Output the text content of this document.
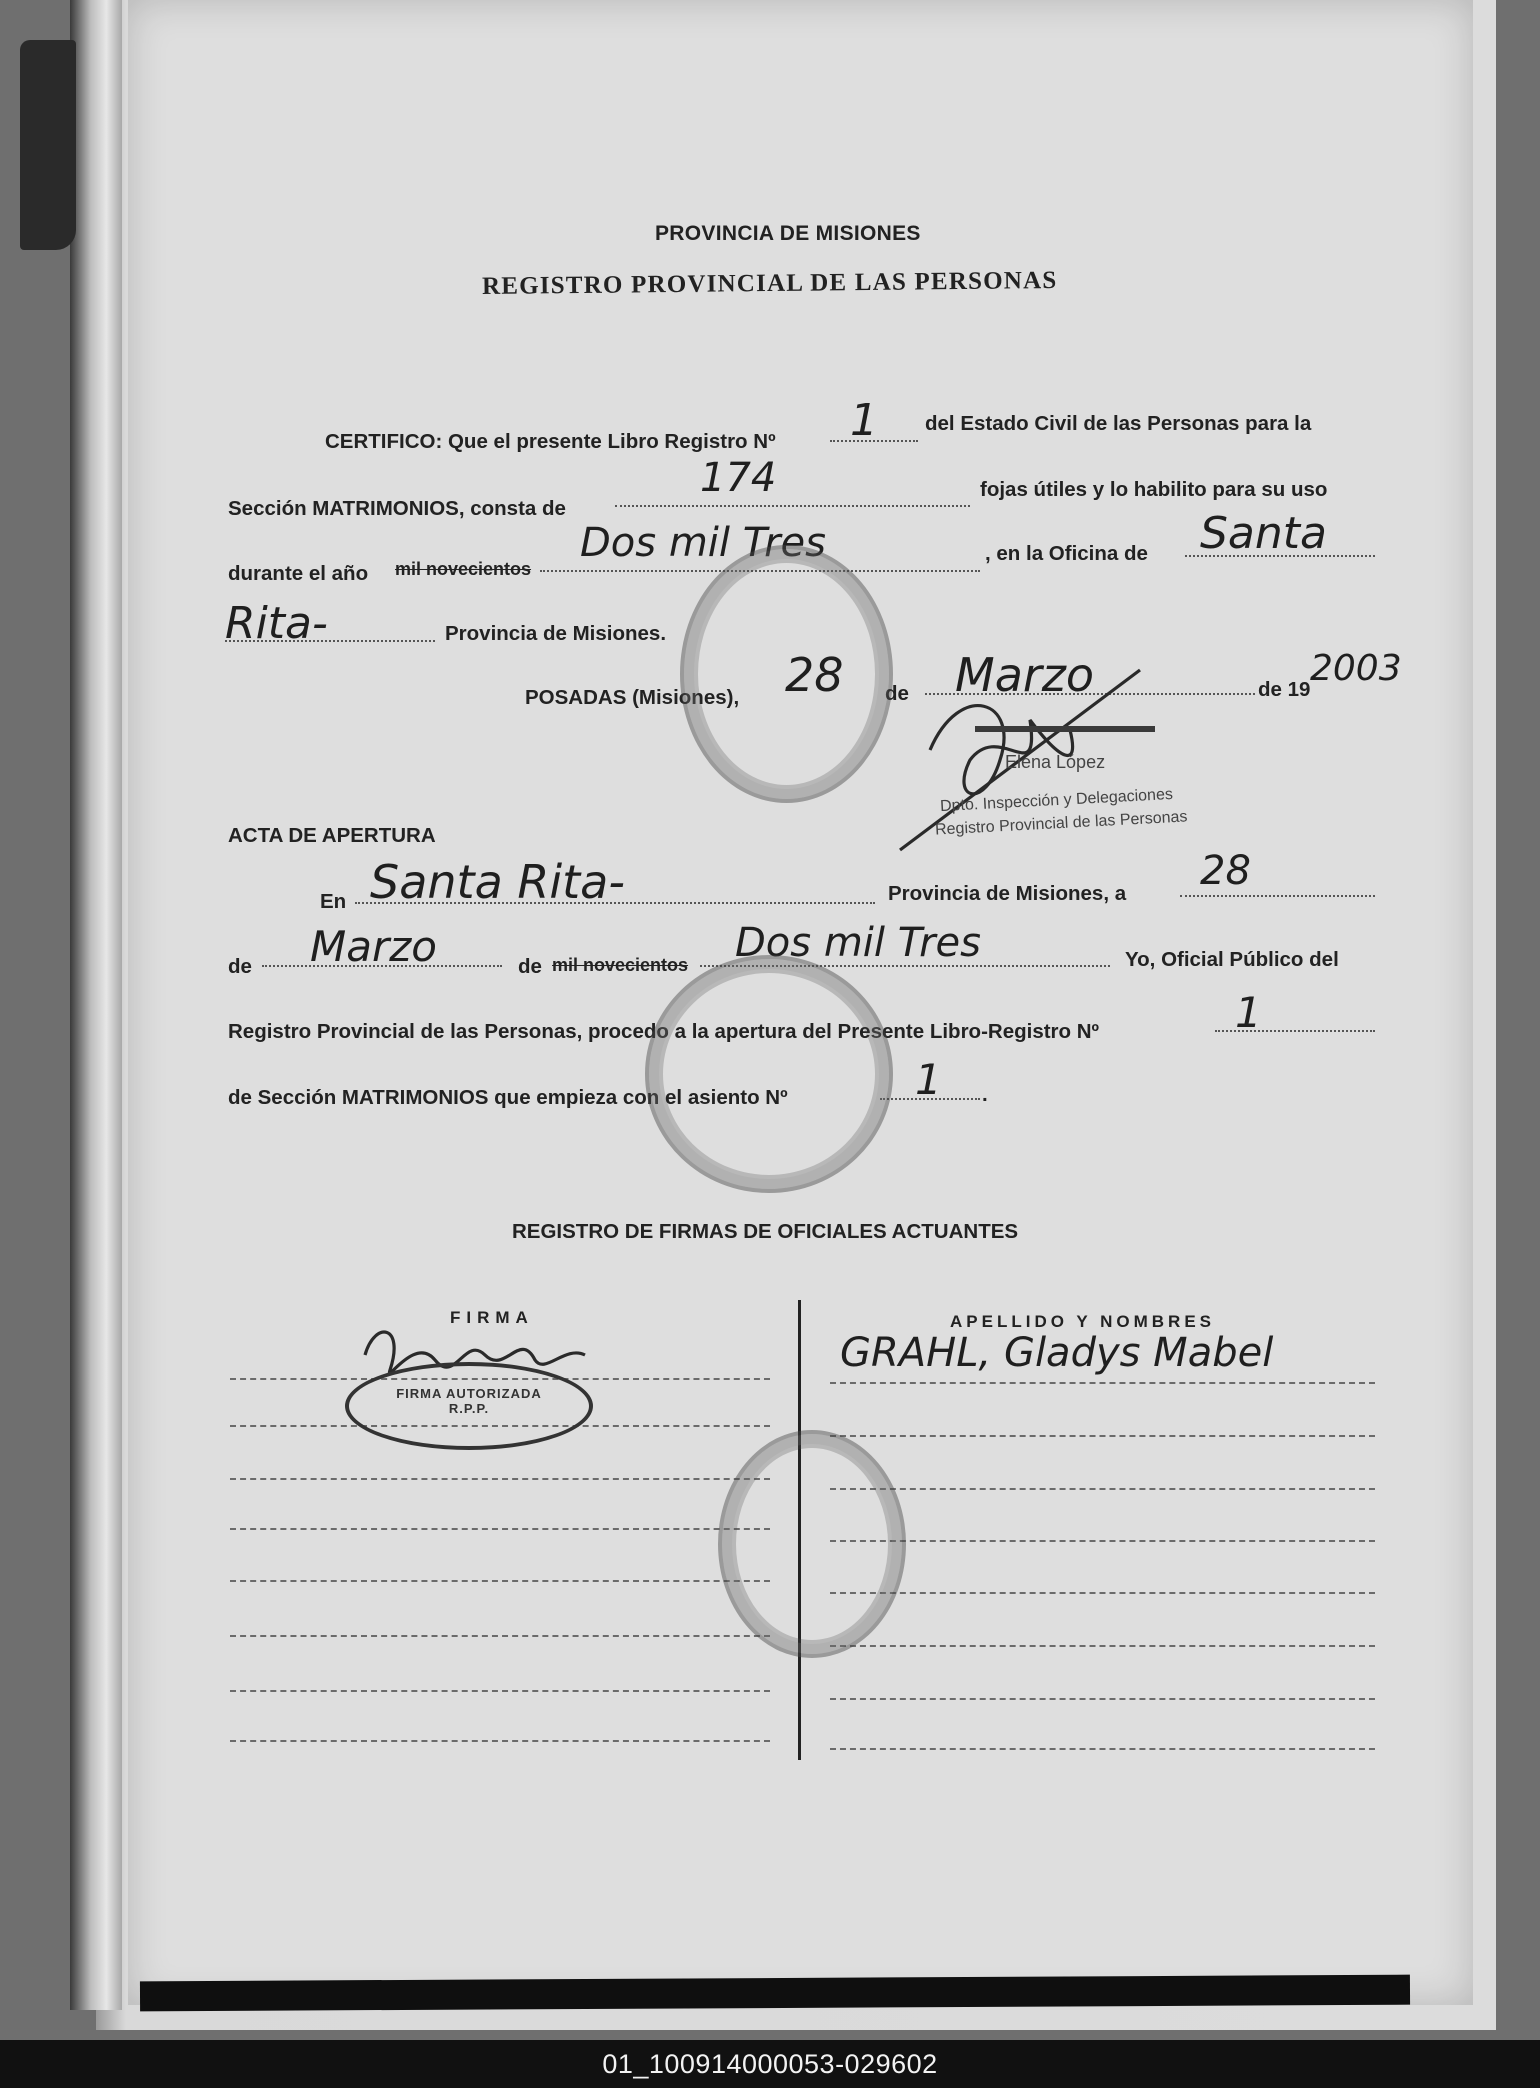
PROVINCIA DE MISIONES
REGISTRO PROVINCIAL DE LAS PERSONAS
CERTIFICO: Que el presente Libro Registro Nº 1 del Estado Civil de las Personas para la
Sección MATRIMONIOS, consta de
174	fojas útiles y lo habilito para su uso
durante el año mil novecientos
Dos mil Tres	, en la Oficina de Santa
Rita-	Provincia de Misiones.
POSADAS (Misiones), 28 de Marzo	de 19
2003
Elena López
Dpto. Inspección y Delegaciones
Registro Provincial de las Personas
ACTA DE APERTURA
En Santa Rita-	Provincia de Misiones, a 28
de Marzo	de mil novecientos Dos mil Tres	Yo, Oficial Público del
Registro Provincial de las Personas, procedo a la apertura del Presente Libro-Registro Nº	1
de Sección MATRIMONIOS que empieza con el asiento Nº	1 .
REGISTRO DE FIRMAS DE OFICIALES ACTUANTES
FIRMA	APELLIDO Y NOMBRES
FIRMA AUTORIZADA
R.P.P.
GRAHL, Gladys Mabel
01_100914000053-029602
